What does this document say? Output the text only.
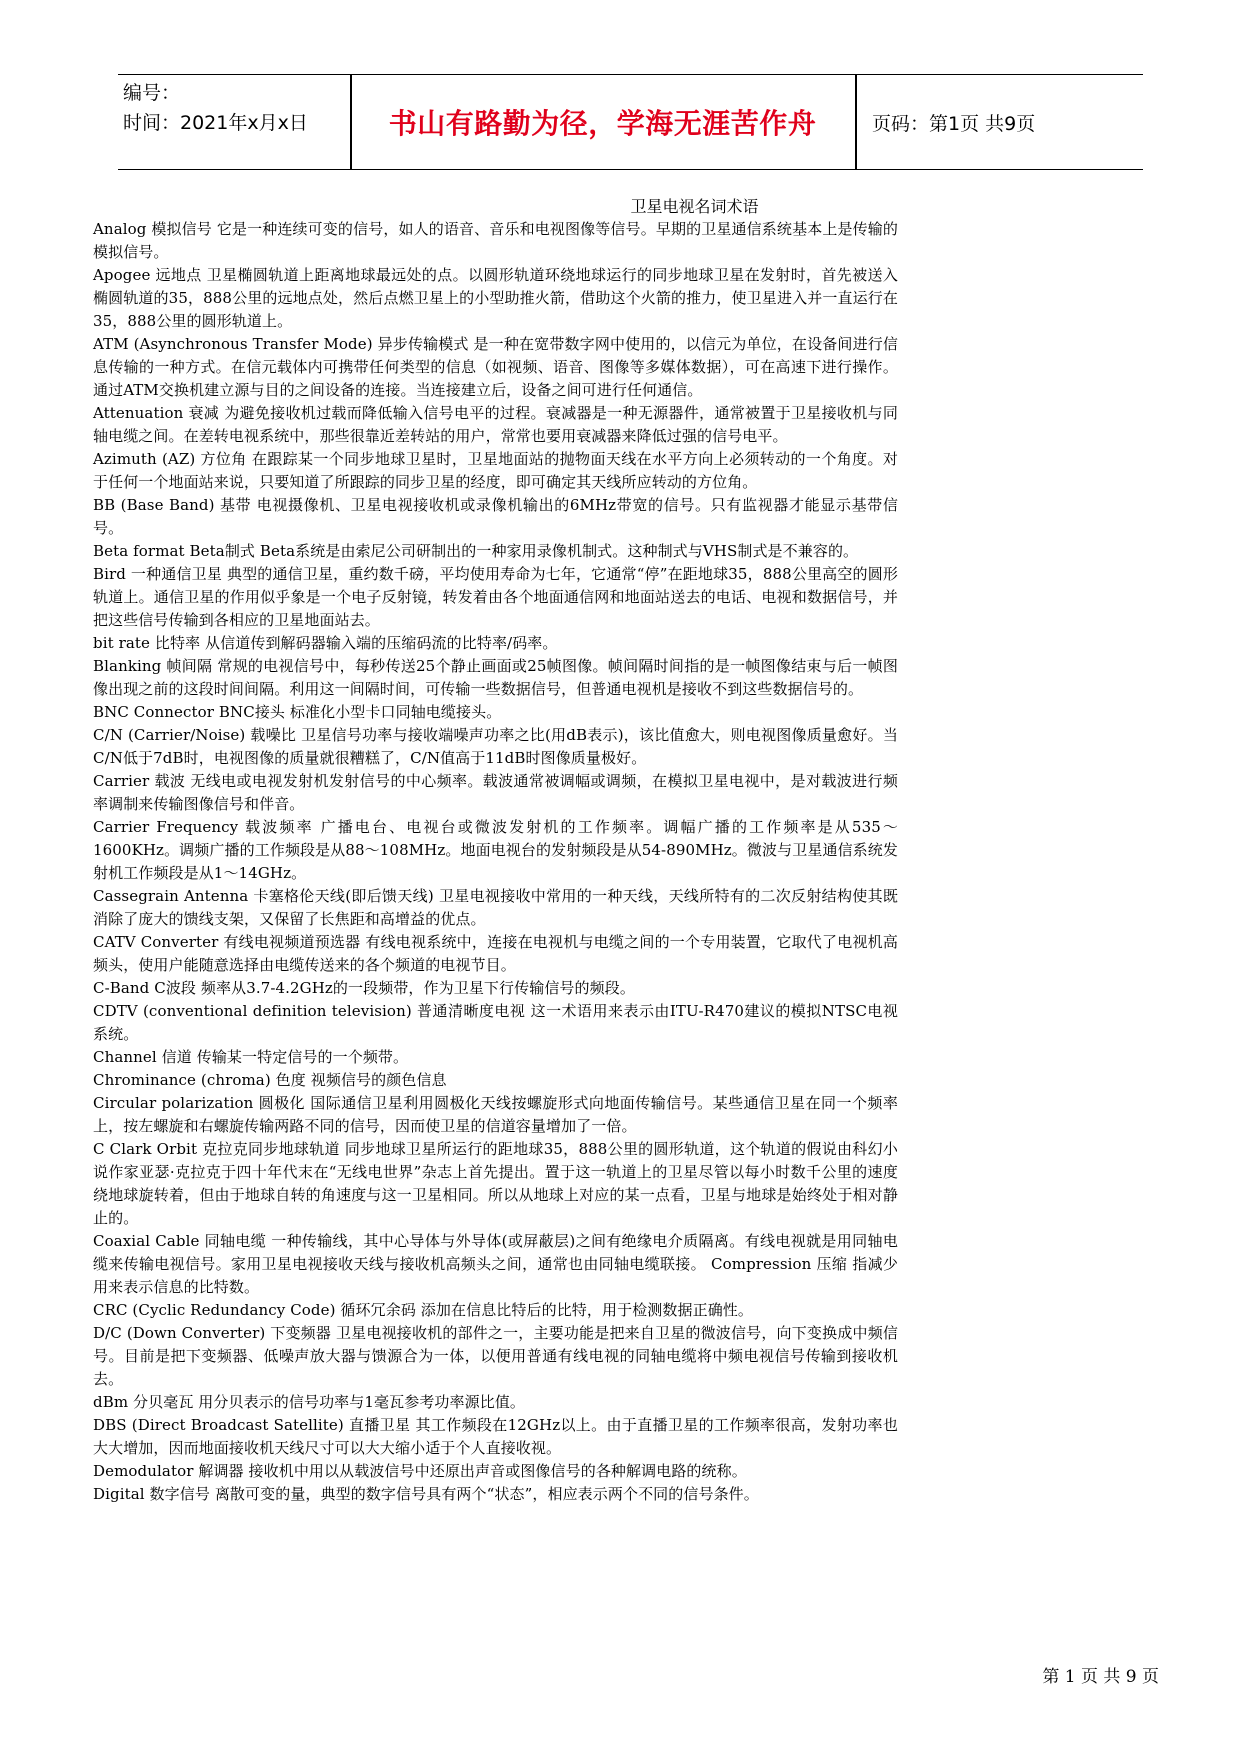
编号：
时间：2021年x月x日	书山有路勤为径，学海无涯苦作舟	页码：第1页 共9页
卫星电视名词术语

Analog 模拟信号 它是一种连续可变的信号，如人的语音、音乐和电视图像等信号。早期的卫星通信系统基本上是传输的模拟信号。

Apogee 远地点 卫星椭圆轨道上距离地球最远处的点。以圆形轨道环绕地球运行的同步地球卫星在发射时，首先被送入椭圆轨道的35，888公里的远地点处，然后点燃卫星上的小型助推火箭，借助这个火箭的推力，使卫星进入并一直运行在35，888公里的圆形轨道上。

ATM (Asynchronous Transfer Mode) 异步传输模式 是一种在宽带数字网中使用的，以信元为单位，在设备间进行信息传输的一种方式。在信元载体内可携带任何类型的信息（如视频、语音、图像等多媒体数据），可在高速下进行操作。通过ATM交换机建立源与目的之间设备的连接。当连接建立后，设备之间可进行任何通信。

Attenuation 衰减 为避免接收机过载而降低输入信号电平的过程。衰减器是一种无源器件，通常被置于卫星接收机与同轴电缆之间。在差转电视系统中，那些很靠近差转站的用户，常常也要用衰减器来降低过强的信号电平。

Azimuth (AZ) 方位角 在跟踪某一个同步地球卫星时，卫星地面站的抛物面天线在水平方向上必须转动的一个角度。对于任何一个地面站来说，只要知道了所跟踪的同步卫星的经度，即可确定其天线所应转动的方位角。

BB (Base Band) 基带 电视摄像机、卫星电视接收机或录像机输出的6MHz带宽的信号。只有监视器才能显示基带信号。

Beta format Beta制式 Beta系统是由索尼公司研制出的一种家用录像机制式。这种制式与VHS制式是不兼容的。

Bird 一种通信卫星 典型的通信卫星，重约数千磅，平均使用寿命为七年，它通常“停”在距地球35，888公里高空的圆形轨道上。通信卫星的作用似乎象是一个电子反射镜，转发着由各个地面通信网和地面站送去的电话、电视和数据信号，并把这些信号传输到各相应的卫星地面站去。

bit rate 比特率 从信道传到解码器输入端的压缩码流的比特率/码率。

Blanking 帧间隔 常规的电视信号中，每秒传送25个静止画面或25帧图像。帧间隔时间指的是一帧图像结束与后一帧图像出现之前的这段时间间隔。利用这一间隔时间，可传输一些数据信号，但普通电视机是接收不到这些数据信号的。

BNC Connector BNC接头 标准化小型卡口同轴电缆接头。

C/N (Carrier/Noise) 载噪比 卫星信号功率与接收端噪声功率之比(用dB表示)，该比值愈大，则电视图像质量愈好。当C/N低于7dB时，电视图像的质量就很糟糕了，C/N值高于11dB时图像质量极好。

Carrier 载波 无线电或电视发射机发射信号的中心频率。载波通常被调幅或调频，在模拟卫星电视中，是对载波进行频率调制来传输图像信号和伴音。

Carrier Frequency 载波频率 广播电台、电视台或微波发射机的工作频率。调幅广播的工作频率是从535～1600KHz。调频广播的工作频段是从88～108MHz。地面电视台的发射频段是从54-890MHz。微波与卫星通信系统发射机工作频段是从1～14GHz。

Cassegrain Antenna 卡塞格伦天线(即后馈天线) 卫星电视接收中常用的一种天线，天线所特有的二次反射结构使其既消除了庞大的馈线支架，又保留了长焦距和高增益的优点。

CATV Converter 有线电视频道预选器 有线电视系统中，连接在电视机与电缆之间的一个专用装置，它取代了电视机高频头，使用户能随意选择由电缆传送来的各个频道的电视节目。

C-Band C波段 频率从3.7-4.2GHz的一段频带，作为卫星下行传输信号的频段。

CDTV (conventional definition television) 普通清晰度电视 这一术语用来表示由ITU-R470建议的模拟NTSC电视系统。

Channel 信道 传输某一特定信号的一个频带。

Chrominance (chroma) 色度 视频信号的颜色信息

Circular polarization 圆极化 国际通信卫星利用圆极化天线按螺旋形式向地面传输信号。某些通信卫星在同一个频率上，按左螺旋和右螺旋传输两路不同的信号，因而使卫星的信道容量增加了一倍。

C Clark Orbit 克拉克同步地球轨道 同步地球卫星所运行的距地球35，888公里的圆形轨道，这个轨道的假说由科幻小说作家亚瑟·克拉克于四十年代末在“无线电世界”杂志上首先提出。置于这一轨道上的卫星尽管以每小时数千公里的速度绕地球旋转着，但由于地球自转的角速度与这一卫星相同。所以从地球上对应的某一点看，卫星与地球是始终处于相对静止的。

Coaxial Cable 同轴电缆 一种传输线，其中心导体与外导体(或屏蔽层)之间有绝缘电介质隔离。有线电视就是用同轴电缆来传输电视信号。家用卫星电视接收天线与接收机高频头之间，通常也由同轴电缆联接。 Compression 压缩 指减少用来表示信息的比特数。

CRC (Cyclic Redundancy Code) 循环冗余码 添加在信息比特后的比特，用于检测数据正确性。

D/C (Down Converter) 下变频器 卫星电视接收机的部件之一，主要功能是把来自卫星的微波信号，向下变换成中频信号。目前是把下变频器、低噪声放大器与馈源合为一体，以便用普通有线电视的同轴电缆将中频电视信号传输到接收机去。

dBm 分贝毫瓦 用分贝表示的信号功率与1毫瓦参考功率源比值。

DBS (Direct Broadcast Satellite) 直播卫星 其工作频段在12GHz以上。由于直播卫星的工作频率很高，发射功率也大大增加，因而地面接收机天线尺寸可以大大缩小适于个人直接收视。

Demodulator 解调器 接收机中用以从载波信号中还原出声音或图像信号的各种解调电路的统称。

Digital 数字信号 离散可变的量，典型的数字信号具有两个“状态”，相应表示两个不同的信号条件。

第 1 页 共 9 页
